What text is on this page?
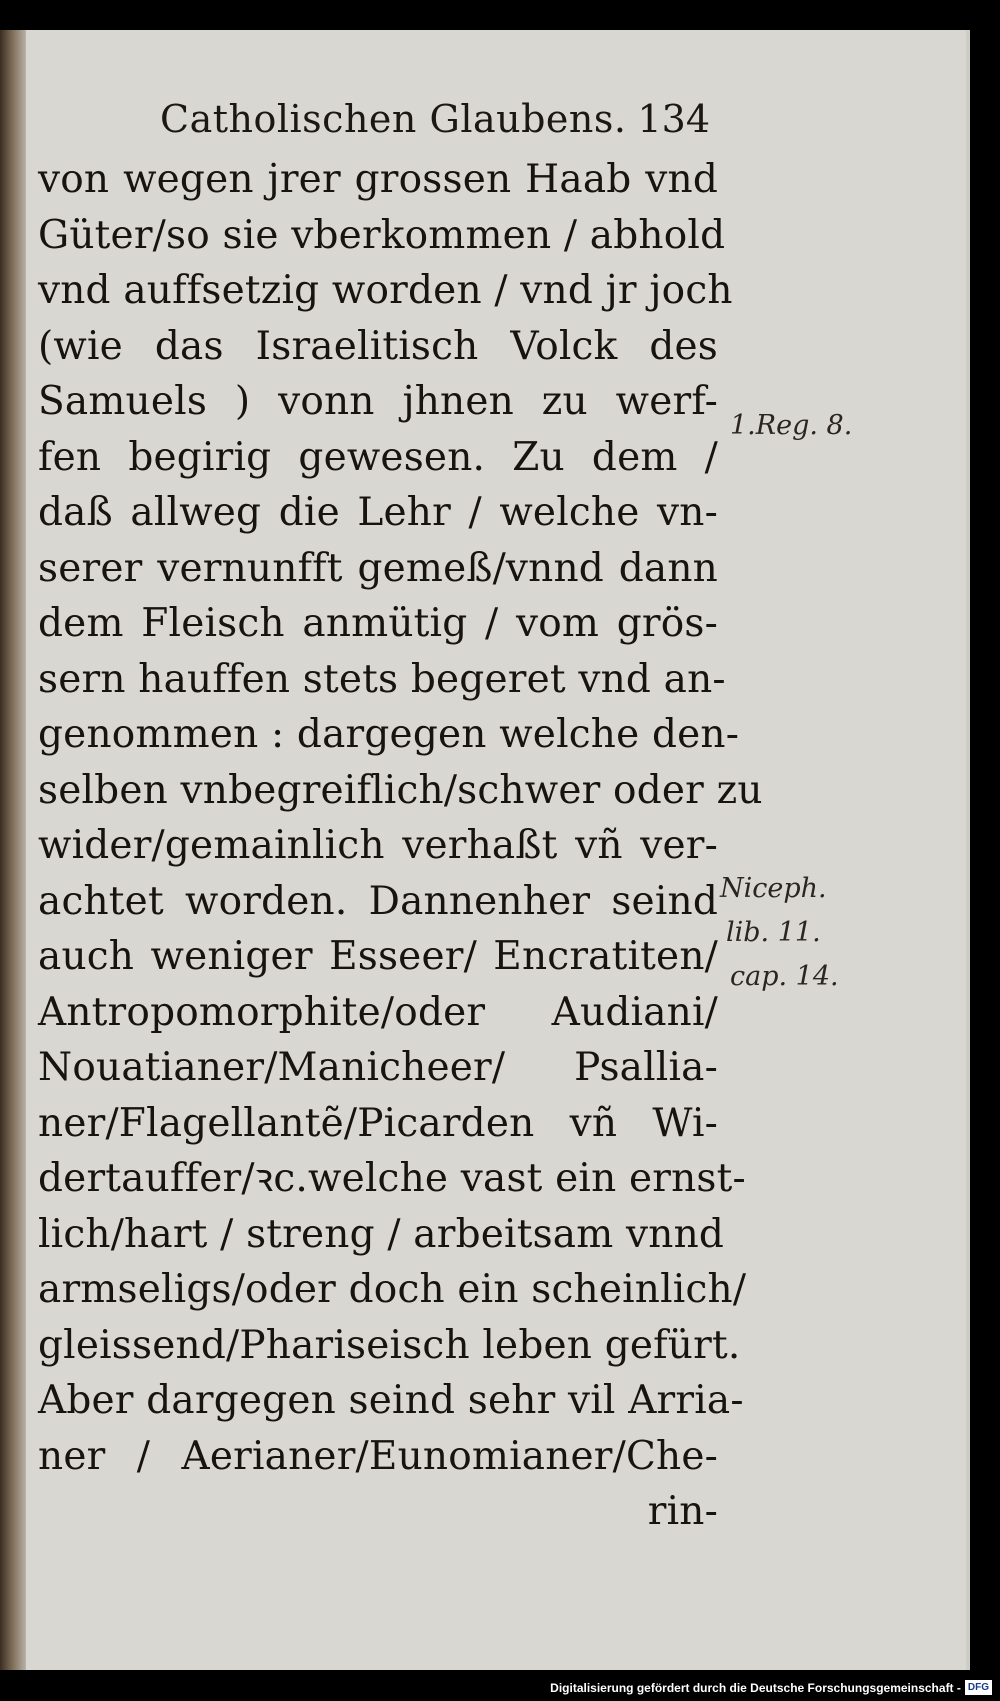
Catholischen Glaubens. 134
von wegen jrer grossen Haab vnd
Güter/so sie vberkommen / abhold
vnd auffsetzig worden / vnd jr joch
(wie das Israelitisch Volck des
Samuels ) vonn jhnen zu werf-
fen begirig gewesen. Zu dem /
daß allweg die Lehr / welche vn-
serer vernunfft gemeß/vnnd dann
dem Fleisch anmütig / vom grös-
sern hauffen stets begeret vnd an-
genommen : dargegen welche den-
selben vnbegreiflich/schwer oder zu
wider/gemainlich verhaßt vñ ver-
achtet worden. Dannenher seind
auch weniger Esseer/ Encratiten/
Antropomorphite/oder Audiani/
Nouatianer/Manicheer/ Psallia-
ner/Flagellantẽ/Picarden vñ Wi-
dertauffer/ꝛc.welche vast ein ernst-
lich/hart / streng / arbeitsam vnnd
armseligs/oder doch ein scheinlich/
gleissend/Phariseisch leben gefürt.
Aber dargegen seind sehr vil Arria-
ner / Aerianer/Eunomianer/Che-
rin-
1.Reg. 8.
Niceph.
lib. 11.
cap. 14.
Digitalisierung gefördert durch die Deutsche Forschungsgemeinschaft - DFG
